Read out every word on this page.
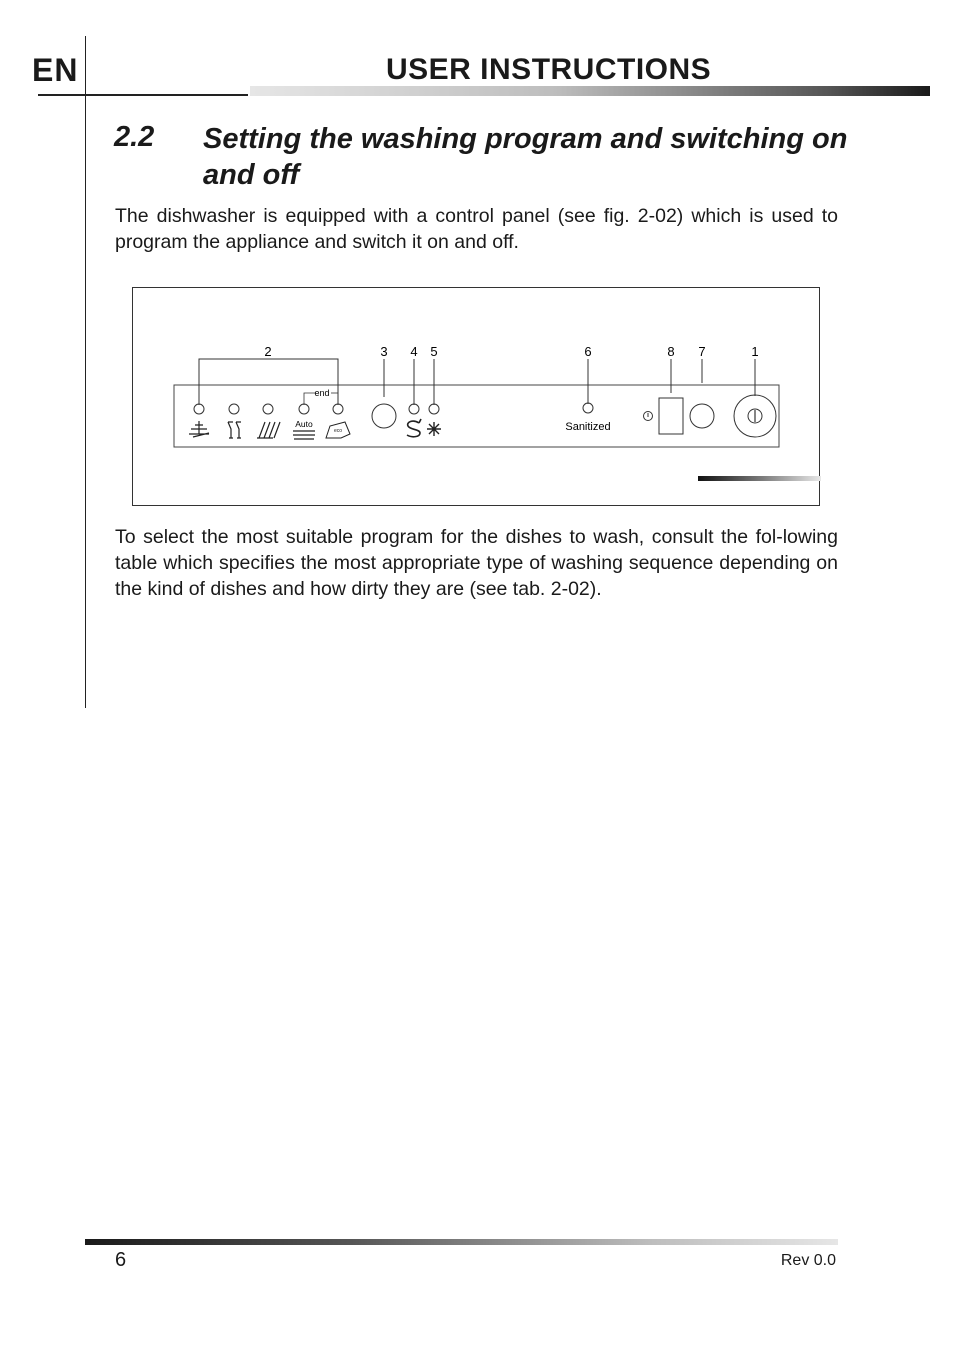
EN	USER INSTRUCTIONS
2.2 Setting the washing program and switching on and off
The dishwasher is equipped with a control panel (see fig. 2-02) which is used to program the appliance and switch it on and off.
2	3 4 5	6	8 7	1
end
Auto
eco	Sanitized
To select the most suitable program for the dishes to wash, consult the fol-lowing table which specifies the most appropriate type of washing sequence depending on the kind of dishes and how dirty they are (see tab. 2-02).
6	Rev 0.0
